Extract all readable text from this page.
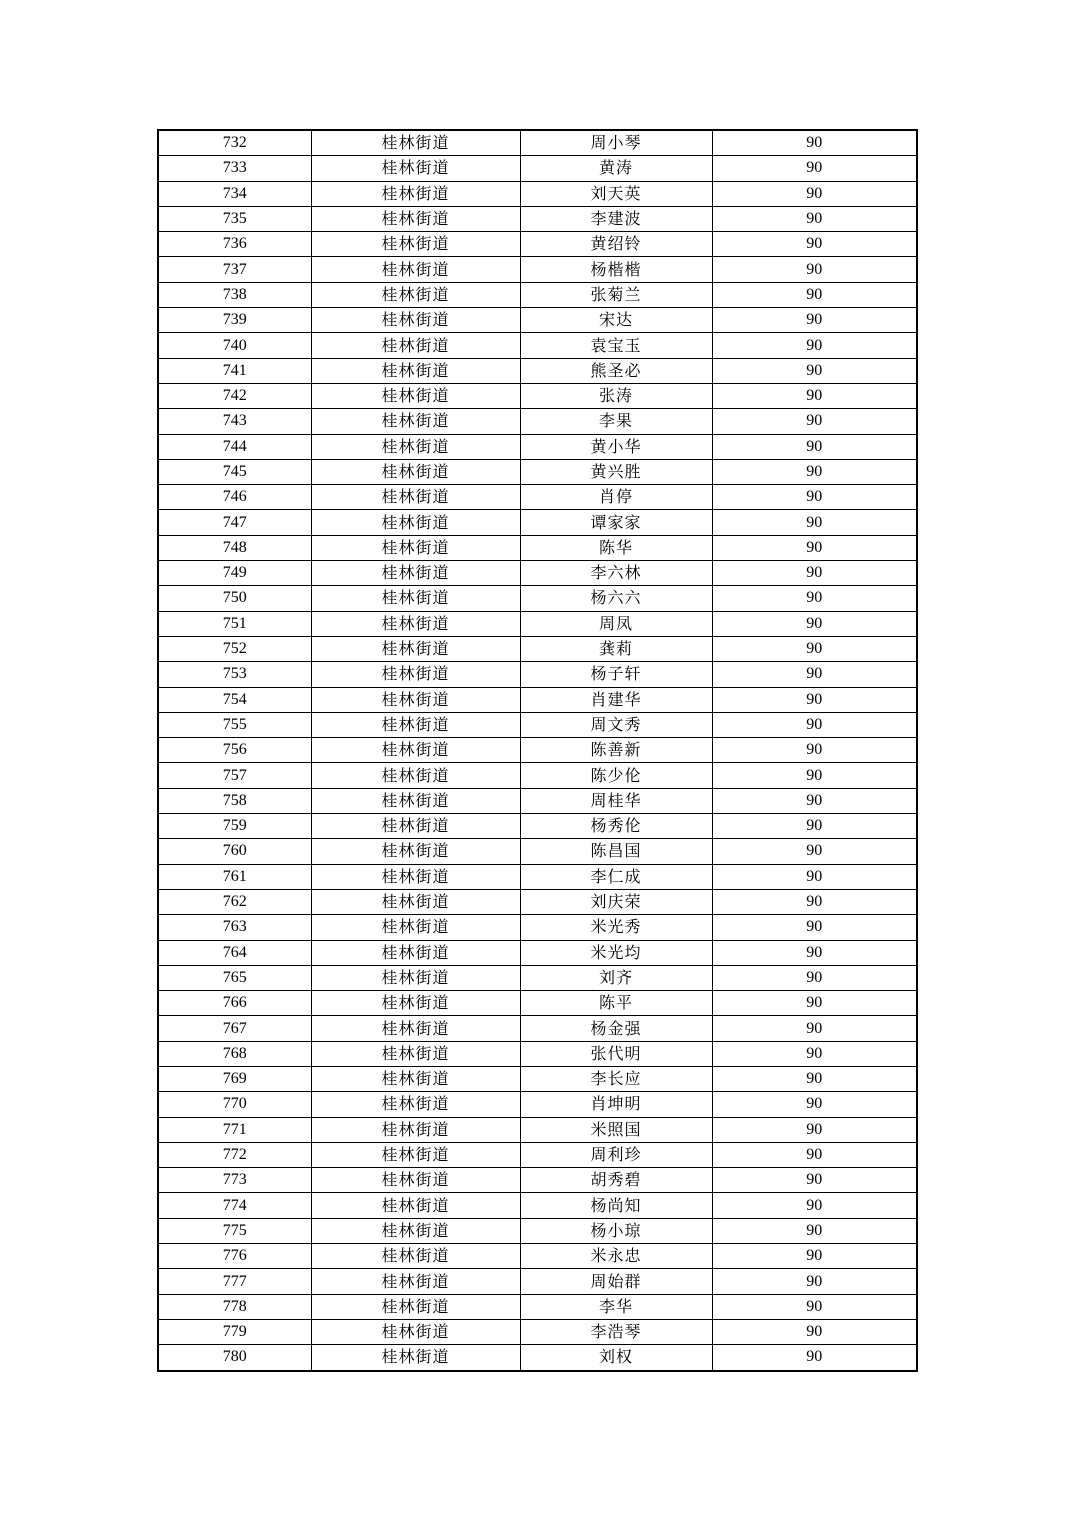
732	桂林街道	周小琴	90
733	桂林街道	黄涛	90
734	桂林街道	刘天英	90
735	桂林街道	李建波	90
736	桂林街道	黄绍铃	90
737	桂林街道	杨楷楷	90
738	桂林街道	张菊兰	90
739	桂林街道	宋达	90
740	桂林街道	袁宝玉	90
741	桂林街道	熊圣必	90
742	桂林街道	张涛	90
743	桂林街道	李果	90
744	桂林街道	黄小华	90
745	桂林街道	黄兴胜	90
746	桂林街道	肖停	90
747	桂林街道	谭家家	90
748	桂林街道	陈华	90
749	桂林街道	李六林	90
750	桂林街道	杨六六	90
751	桂林街道	周凤	90
752	桂林街道	龚莉	90
753	桂林街道	杨子轩	90
754	桂林街道	肖建华	90
755	桂林街道	周文秀	90
756	桂林街道	陈善新	90
757	桂林街道	陈少伦	90
758	桂林街道	周桂华	90
759	桂林街道	杨秀伦	90
760	桂林街道	陈昌国	90
761	桂林街道	李仁成	90
762	桂林街道	刘庆荣	90
763	桂林街道	米光秀	90
764	桂林街道	米光均	90
765	桂林街道	刘齐	90
766	桂林街道	陈平	90
767	桂林街道	杨金强	90
768	桂林街道	张代明	90
769	桂林街道	李长应	90
770	桂林街道	肖坤明	90
771	桂林街道	米照国	90
772	桂林街道	周利珍	90
773	桂林街道	胡秀碧	90
774	桂林街道	杨尚知	90
775	桂林街道	杨小琼	90
776	桂林街道	米永忠	90
777	桂林街道	周始群	90
778	桂林街道	李华	90
779	桂林街道	李浩琴	90
780	桂林街道	刘权	90
